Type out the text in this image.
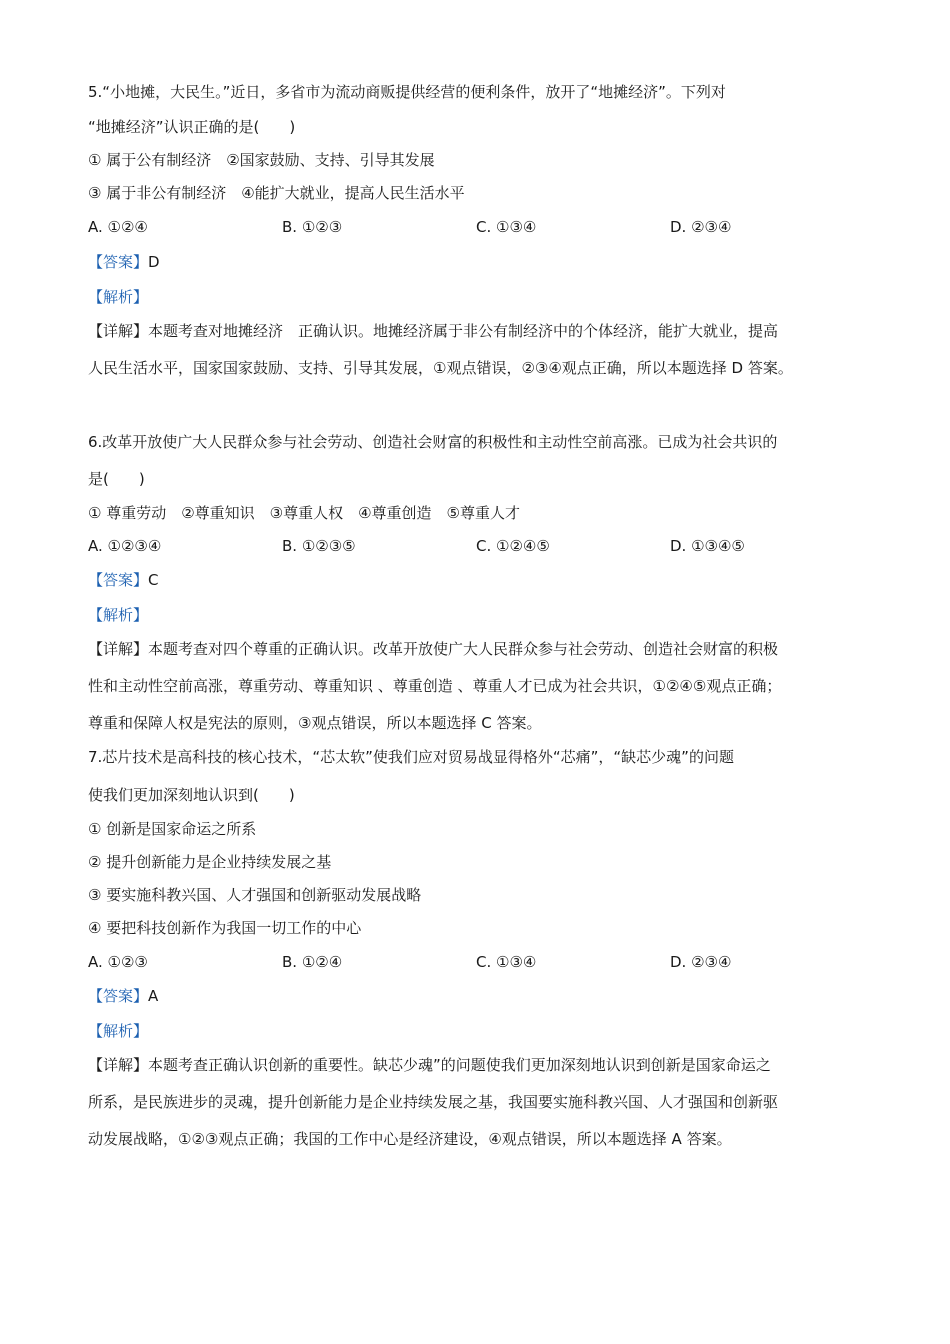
5.“小地摊，大民生。”近日，多省市为流动商贩提供经营的便利条件，放开了“地摊经济”。下列对
“地摊经济”认识正确的是(　　)
① 属于公有制经济　②国家鼓励、支持、引导其发展
③ 属于非公有制经济　④能扩大就业，提高人民生活水平
A. ①②④	B. ①②③	C. ①③④	D. ②③④
【答案】D
【解析】
【详解】本题考查对地摊经济　正确认识。地摊经济属于非公有制经济中的个体经济，能扩大就业，提高
人民生活水平，国家国家鼓励、支持、引导其发展，①观点错误，②③④观点正确，所以本题选择 D 答案。
6.改革开放使广大人民群众参与社会劳动、创造社会财富的积极性和主动性空前高涨。已成为社会共识的
是(　　)
① 尊重劳动　②尊重知识　③尊重人权　④尊重创造　⑤尊重人才
A. ①②③④	B. ①②③⑤	C. ①②④⑤	D. ①③④⑤
【答案】C
【解析】
【详解】本题考查对四个尊重的正确认识。改革开放使广大人民群众参与社会劳动、创造社会财富的积极
性和主动性空前高涨，尊重劳动、尊重知识 、尊重创造 、尊重人才已成为社会共识，①②④⑤观点正确；
尊重和保障人权是宪法的原则，③观点错误，所以本题选择 C 答案。
7.芯片技术是高科技的核心技术，“芯太软”使我们应对贸易战显得格外“芯痛”，“缺芯少魂”的问题
使我们更加深刻地认识到(　　)
① 创新是国家命运之所系
② 提升创新能力是企业持续发展之基
③ 要实施科教兴国、人才强国和创新驱动发展战略
④ 要把科技创新作为我国一切工作的中心
A. ①②③	B. ①②④	C. ①③④	D. ②③④
【答案】A
【解析】
【详解】本题考查正确认识创新的重要性。缺芯少魂”的问题使我们更加深刻地认识到创新是国家命运之
所系，是民族进步的灵魂，提升创新能力是企业持续发展之基，我国要实施科教兴国、人才强国和创新驱
动发展战略，①②③观点正确；我国的工作中心是经济建设，④观点错误，所以本题选择 A 答案。
